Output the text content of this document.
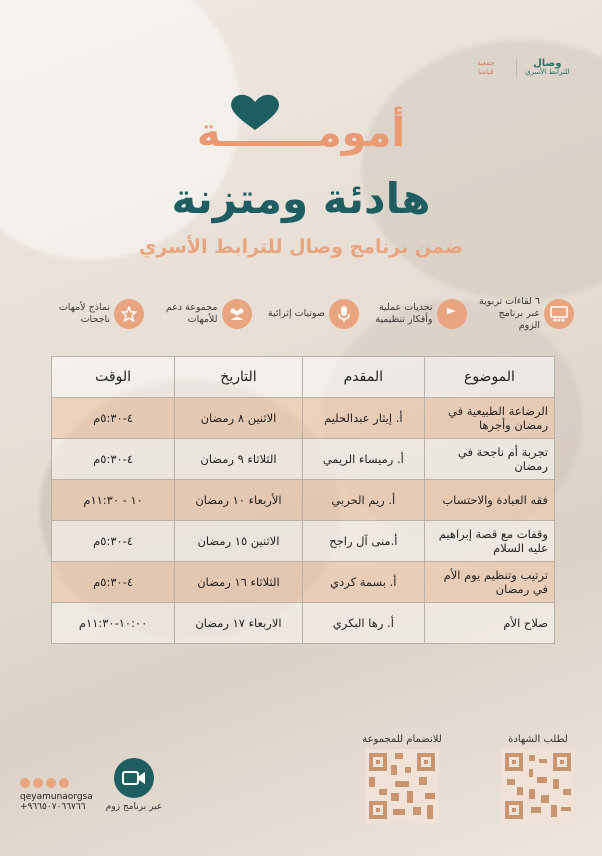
جمعية
قيامنا
وصال
للترابط الأسري
أمومـــــــة
هادئة ومتزنة
ضمن برنامج وصال للترابط الأسري
٦ لقاءات تربوية عبر برنامج الزوم
تحديات عملية وأفكار تنظيمية
صوتيات إثرائية
مجموعة دعم للأمهات
نماذج لأمهات ناجحات
الموضوع	المقدم	التاريخ	الوقت
الرضاعة الطبيعية في رمضان وأجرها	أ. إيثار عبدالحليم	الاثنين ٨ رمضان	٤-٥:٣٠م
تجربة أم ناجحة في رمضان	أ. رميساء الريمي	الثلاثاء ٩ رمضان	٤-٥:٣٠م
فقه العبادة والاحتساب	أ. ريم الحربي	الأربعاء ١٠ رمضان	١٠ - ١١:٣٠م
وقفات مع قصة إبراهيم عليه السلام	أ.منى آل راجح	الاثنين ١٥ رمضان	٤-٥:٣٠م
ترتيب وتنظيم يوم الأم في رمضان	أ. بسمة كردي	الثلاثاء ١٦ رمضان	٤-٥:٣٠م
صلاح الأم	أ. رها البكري	الاربعاء ١٧ رمضان	١٠:٠٠-١١:٣٠م
لطلب الشهادة
للانضمام للمجموعة
عبر برنامج زوم
qeyamunaorgsa
+٩٦٦٥٠٧٠٦٦٧٦٦
